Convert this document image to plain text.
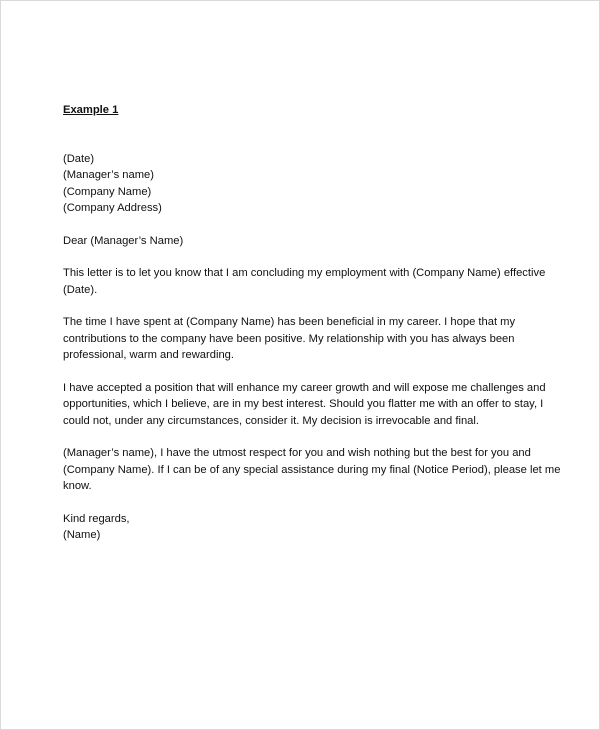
Example 1

(Date)

(Manager’s name)

(Company Name)

(Company Address)

Dear (Manager’s Name)

This letter is to let you know that I am concluding my employment with (Company Name) effective

(Date).

The time I have spent at (Company Name) has been beneficial in my career. I hope that my

contributions to the company have been positive. My relationship with you has always been

professional, warm and rewarding.

I have accepted a position that will enhance my career growth and will expose me challenges and

opportunities, which I believe, are in my best interest. Should you flatter me with an offer to stay, I

could not, under any circumstances, consider it. My decision is irrevocable and final.

(Manager’s name), I have the utmost respect for you and wish nothing but the best for you and

(Company Name). If I can be of any special assistance during my final (Notice Period), please let me

know.

Kind regards,

(Name)
